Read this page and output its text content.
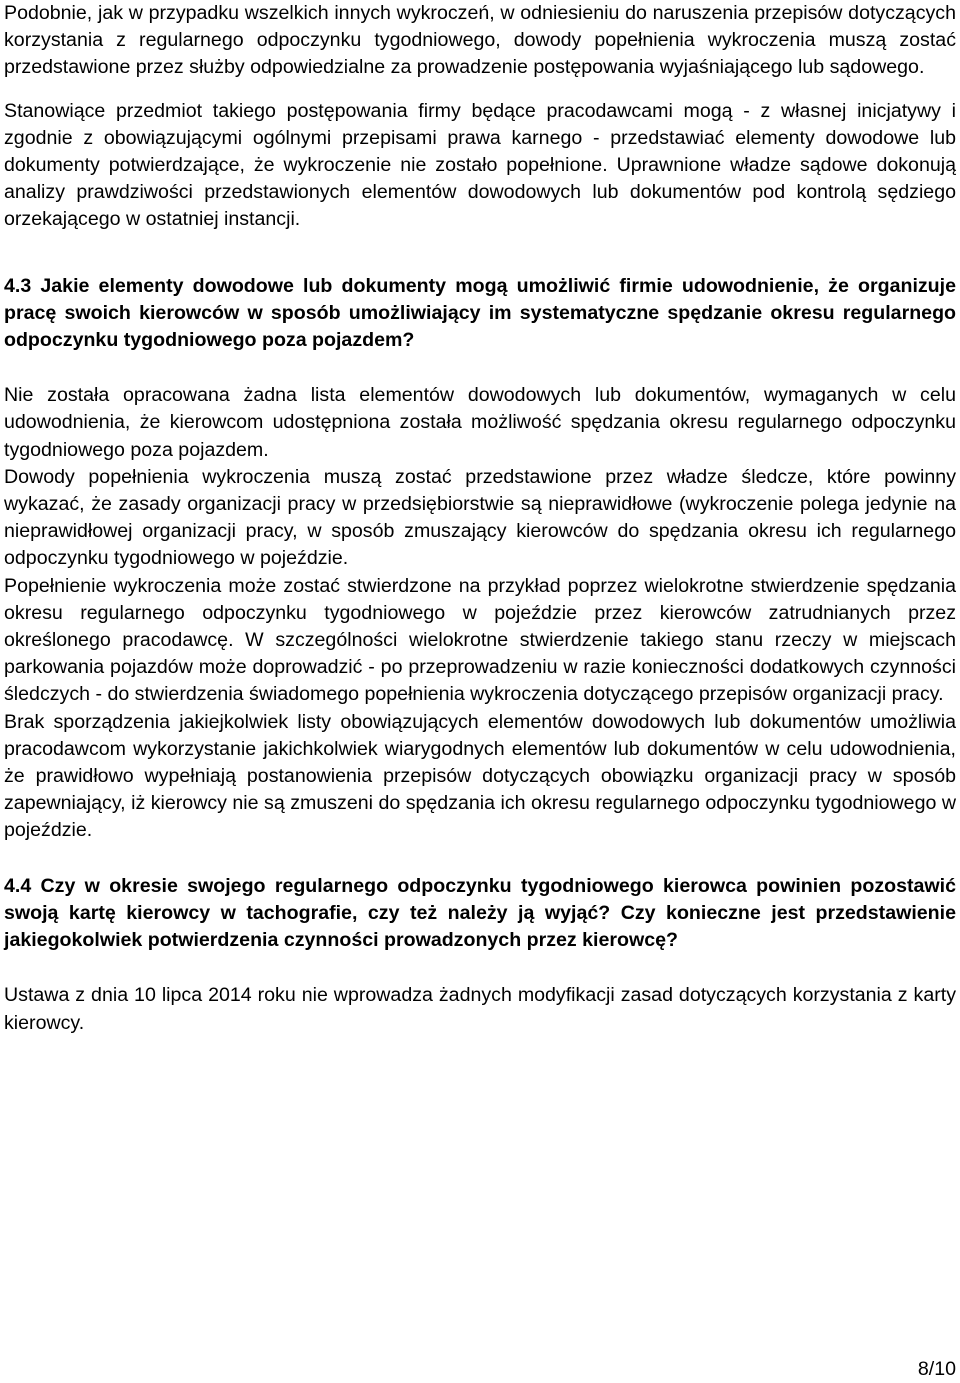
Podobnie, jak w przypadku wszelkich innych wykroczeń, w odniesieniu do naruszenia przepisów dotyczących korzystania z regularnego odpoczynku tygodniowego, dowody popełnienia wykroczenia muszą zostać przedstawione przez służby odpowiedzialne za prowadzenie postępowania wyjaśniającego lub sądowego.

Stanowiące przedmiot takiego postępowania firmy będące pracodawcami mogą - z własnej inicjatywy i zgodnie z obowiązującymi ogólnymi przepisami prawa karnego - przedstawiać elementy dowodowe lub dokumenty potwierdzające, że wykroczenie nie zostało popełnione. Uprawnione władze sądowe dokonują analizy prawdziwości przedstawionych elementów dowodowych lub dokumentów pod kontrolą sędziego orzekającego w ostatniej instancji.

4.3 Jakie elementy dowodowe lub dokumenty mogą umożliwić firmie udowodnienie, że organizuje pracę swoich kierowców w sposób umożliwiający im systematyczne spędzanie okresu regularnego odpoczynku tygodniowego poza pojazdem?

Nie została opracowana żadna lista elementów dowodowych lub dokumentów, wymaganych w celu udowodnienia, że kierowcom udostępniona została możliwość spędzania okresu regularnego odpoczynku tygodniowego poza pojazdem.

Dowody popełnienia wykroczenia muszą zostać przedstawione przez władze śledcze, które powinny wykazać, że zasady organizacji pracy w przedsiębiorstwie są nieprawidłowe (wykroczenie polega jedynie na nieprawidłowej organizacji pracy, w sposób zmuszający kierowców do spędzania okresu ich regularnego odpoczynku tygodniowego w pojeździe.

Popełnienie wykroczenia może zostać stwierdzone na przykład poprzez wielokrotne stwierdzenie spędzania okresu regularnego odpoczynku tygodniowego w pojeździe przez kierowców zatrudnianych przez określonego pracodawcę. W szczególności wielokrotne stwierdzenie takiego stanu rzeczy w miejscach parkowania pojazdów może doprowadzić - po przeprowadzeniu w razie konieczności dodatkowych czynności śledczych - do stwierdzenia świadomego popełnienia wykroczenia dotyczącego przepisów organizacji pracy.

Brak sporządzenia jakiejkolwiek listy obowiązujących elementów dowodowych lub dokumentów umożliwia pracodawcom wykorzystanie jakichkolwiek wiarygodnych elementów lub dokumentów w celu udowodnienia, że prawidłowo wypełniają postanowienia przepisów dotyczących obowiązku organizacji pracy w sposób zapewniający, iż kierowcy nie są zmuszeni do spędzania ich okresu regularnego odpoczynku tygodniowego w pojeździe.

4.4 Czy w okresie swojego regularnego odpoczynku tygodniowego kierowca powinien pozostawić swoją kartę kierowcy w tachografie, czy też należy ją wyjąć? Czy konieczne jest przedstawienie jakiegokolwiek potwierdzenia czynności prowadzonych przez kierowcę?

Ustawa z dnia 10 lipca 2014 roku nie wprowadza żadnych modyfikacji zasad dotyczących korzystania z karty kierowcy.

8/10
